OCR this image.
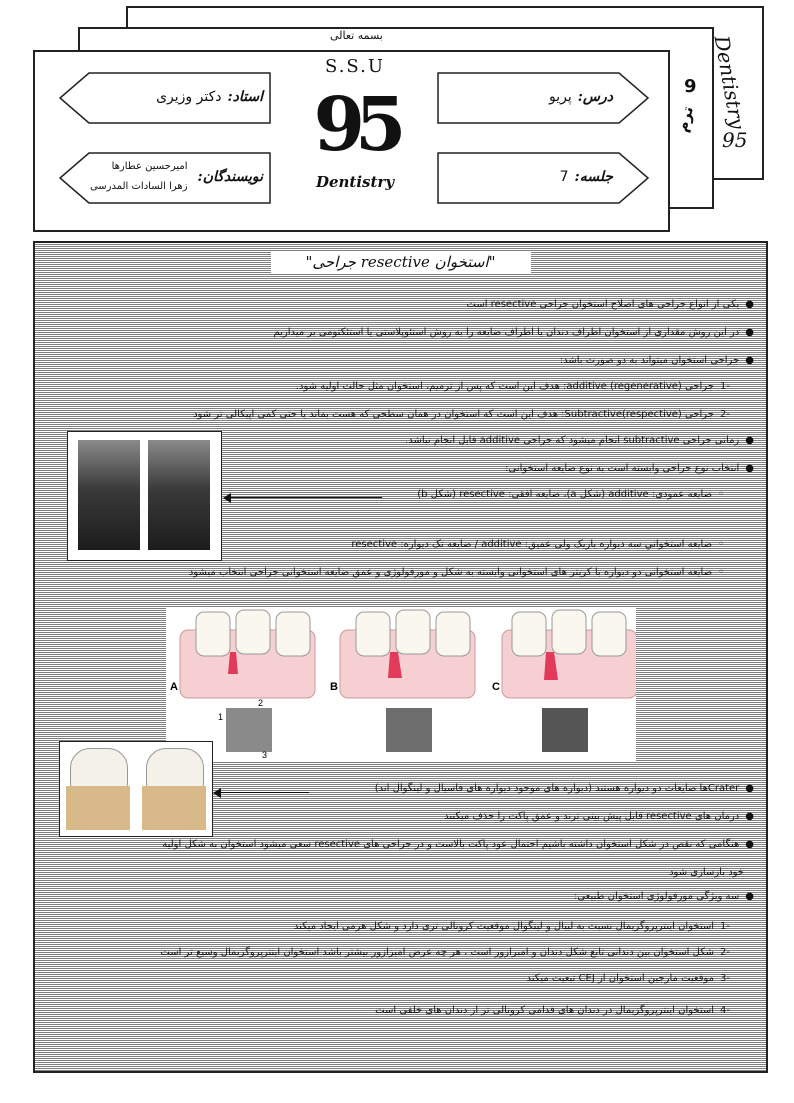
بسمه تعالی	Dentistry
95
9
ترم
استاد:
دکتر وزیری
نویسندگان:
امیرحسین عطارها
زهرا السادات المدرسی
S.S.U
95
Dentistry
درس:
پریو
جلسه:
7
"جراحی resective استخوان"
●یکی از انواع جراحی های اصلاح استخوان جراحی resective است
●در این روش مقداری از استخوان اطراف دندان یا اطراف ضایعه را به روش استئوپلاستی یا استئکتومی بر میداریم
●جراحی استخوان میتواند به دو صورت باشد:
-1جراحی additive (regenerative): هدف این است که پس از ترمیم، استخوان مثل حالت اولیه شود.
-2جراحی Subtractive(respective): هدف این است که استخوان در همان سطحی که هست بماند یا حتی کمی اپیکالی تر شود
●زمانی جراحی subtractive انجام میشود که جراحی additive قابل انجام نباشد.
●انتخاب نوع جراحی وابسته است به نوع ضایعه استخوانی:
◦ضایعه عمودی: additive (شکل a)، ضایعه افقی: resective (شکل b)
◦ضایعه استخوانیِ سه دیواره باریک ولی عمیق: additive / ضایعه تک دیواره: resective
◦ضایعه استخوانی دو دیواره با کریتر های استخوانی وابسته به شکل و مورفولوژی و عمق ضایعه استخوانی جراحی انتخاب میشود
●Craterها ضایعات دو دیواره هستند (دیواره های موجود دیواره های فاسیال و لینگوال اند)
●درمان های resective قابل پیش بینی ترند و عمق پاکت را حذف میکنند
●هنگامی که نقص در شکل استخوان داشته باشیم احتمال عود پاکت بالاست و در جراحی های resective سعی میشود استخوان به شکل اولیه
خود بازسازی شود
●سه ویژگی مورفولوژی استخوان طبیعی:
-1استخوان اینترپروگزیمال نسبت به لبیال و لینگوال موقعیت کرونالی تری دارد و شکل هرمی ایجاد میکند
-2شکل استخوان بین دندانی تابع شکل دندان و امبرازور است ، هر چه عرض امبرازور بیشتر باشد استخوان اینترپروگزیمال وسیع تر است
-3موقعیت مارجین استخوان از CEJ تبعیت میکند
-4استخوان اینترپروگزیمال در دندان های قدامی کرونالی تر از دندان های خلفی است
A	B	C
1
2
3
